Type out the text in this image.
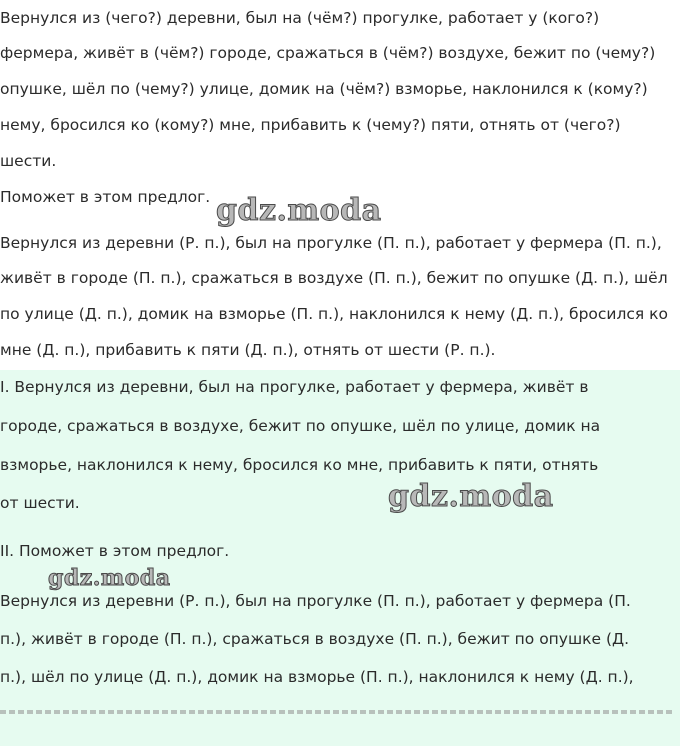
Вернулся из (чего?) деревни, был на (чём?) прогулке, работает у (кого?)
фермера, живёт в (чём?) городе, сражаться в (чём?) воздухе, бежит по (чему?)
опушке, шёл по (чему?) улице, домик на (чём?) взморье, наклонился к (кому?)
нему, бросился ко (кому?) мне, прибавить к (чему?) пяти, отнять от (чего?)
шести.
Поможет в этом предлог.
Вернулся из деревни (Р. п.), был на прогулке (П. п.), работает у фермера (П. п.),
живёт в городе (П. п.), сражаться в воздухе (П. п.), бежит по опушке (Д. п.), шёл
по улице (Д. п.), домик на взморье (П. п.), наклонился к нему (Д. п.), бросился ко
мне (Д. п.), прибавить к пяти (Д. п.), отнять от шести (Р. п.).
I. Вернулся из деревни, был на прогулке, работает у фермера, живёт в
городе, сражаться в воздухе, бежит по опушке, шёл по улице, домик на
взморье, наклонился к нему, бросился ко мне, прибавить к пяти, отнять
от шести.
II. Поможет в этом предлог.
Вернулся из деревни (Р. п.), был на прогулке (П. п.), работает у фермера (П.
п.), живёт в городе (П. п.), сражаться в воздухе (П. п.), бежит по опушке (Д.
п.), шёл по улице (Д. п.), домик на взморье (П. п.), наклонился к нему (Д. п.),
gdz.moda
gdz.moda
gdz.moda
